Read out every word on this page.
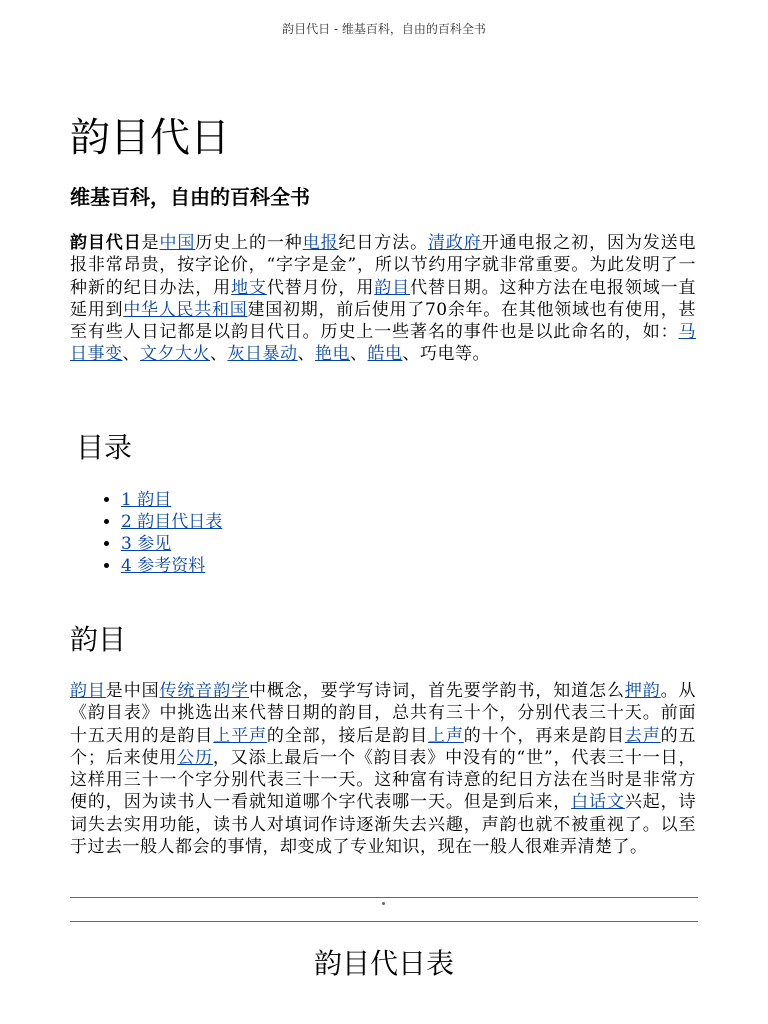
韵目代日 - 维基百科，自由的百科全书
韵目代日
维基百科，自由的百科全书

韵目代日是中国历史上的一种电报纪日方法。清政府开通电报之初，因为发送电报非常昂贵，按字论价，“字字是金”，所以节约用字就非常重要。为此发明了一种新的纪日办法，用地支代替月份，用韵目代替日期。这种方法在电报领域一直延用到中华人民共和国建国初期，前后使用了70余年。在其他领域也有使用，甚至有些人日记都是以韵目代日。历史上一些著名的事件也是以此命名的，如：马日事变、文夕大火、灰日暴动、艳电、皓电、巧电等。

目录
• 1 韵目
• 2 韵目代日表
• 3 参见
• 4 参考资料
韵目

韵目是中国传统音韵学中概念，要学写诗词，首先要学韵书，知道怎么押韵。从《韵目表》中挑选出来代替日期的韵目，总共有三十个，分别代表三十天。前面十五天用的是韵目上平声的全部，接后是韵目上声的十个，再来是韵目去声的五个；后来使用公历，又添上最后一个《韵目表》中没有的“世”，代表三十一日，这样用三十一个字分别代表三十一天。这种富有诗意的纪日方法在当时是非常方便的，因为读书人一看就知道哪个字代表哪一天。但是到后来，白话文兴起，诗词失去实用功能，读书人对填词作诗逐渐失去兴趣，声韵也就不被重视了。以至于过去一般人都会的事情，却变成了专业知识，现在一般人很难弄清楚了。

韵目代日表
